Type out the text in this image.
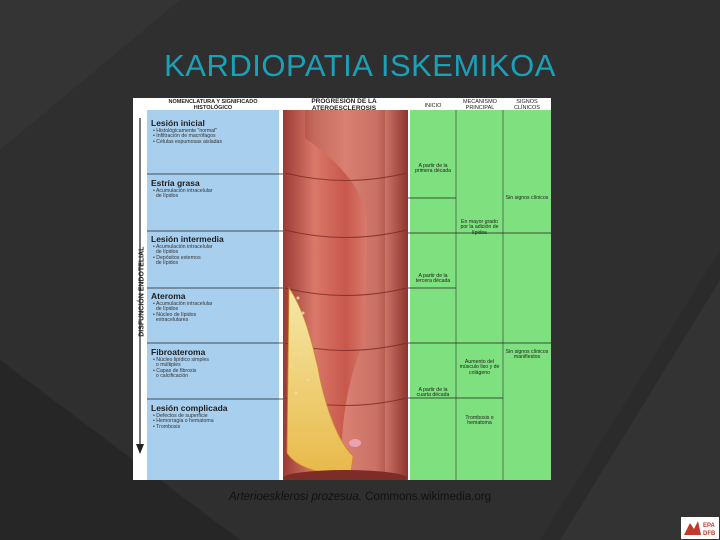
KARDIOPATIA ISKEMIKOA
NOMENCLATURA Y SIGNIFICADO HISTOLÓGICO
PROGRESIÓN DE LA ATEROESCLEROSIS	INICIO
MECANISMO PRINCIPAL
SIGNOS CLÍNICOS
DISFUNCIÓN ENDOTELIAL
Lesión inicial
• Histológicamente "normal"
• Infiltración de macrófagos
• Células espumosas aisladas
Estría grasa
• Acumulación intracelular
de lípidos
Lesión intermedia
• Acumulación intracelular
de lípidos
• Depósitos externos
de lípidos
Ateroma
• Acumulación intracelular
de lípidos
• Núcleo de lípidos
extracelulares
Fibroateroma
• Núcleo lipídico simples
o múltiples
• Capas de fibrosis
o calcificación
Lesión complicada
• Defectos de superficie
• Hemorragia o hematoma
• Trombosis
A partir de la primera década
A partir de la tercera década
A partir de la cuarta década
En mayor grado por la adición de lípidos
Aumento del músculo liso y de colágeno
Trombosis o hematoma
Sin signos clínicos
Sin signos clínicos manifiestos
Arterioesklerosi prozesua. Commons.wikimedia.org
EPA
DFB
